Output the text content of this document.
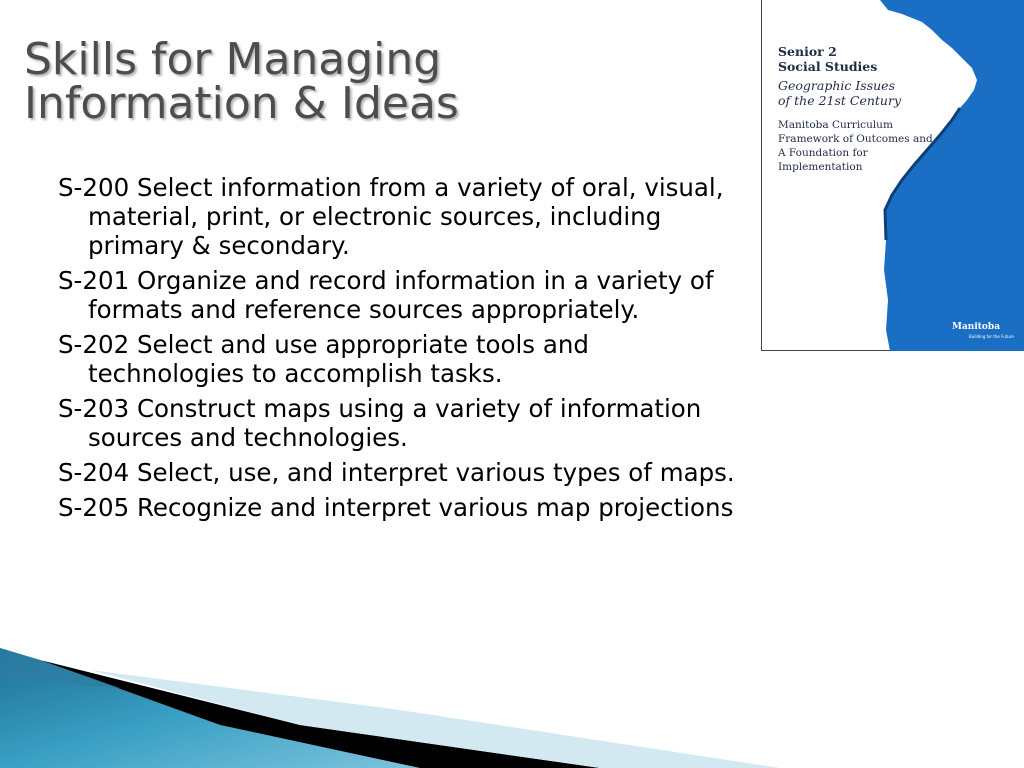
Skills for Managing
Information & Ideas
S-200 Select information from a variety of oral, visual, material, print, or electronic sources, including primary & secondary.
S-201 Organize and record information in a variety of formats and reference sources appropriately.
S-202 Select and use appropriate tools and technologies to accomplish tasks.
S-203 Construct maps using a variety of information sources and technologies.
S-204 Select, use, and interpret various types of maps.
S-205 Recognize and interpret various map projections
Senior 2
Social Studies
Geographic Issues
of the 21st Century
Manitoba Curriculum
Framework of Outcomes and
A Foundation for
Implementation
Manitoba
Building for the Future
